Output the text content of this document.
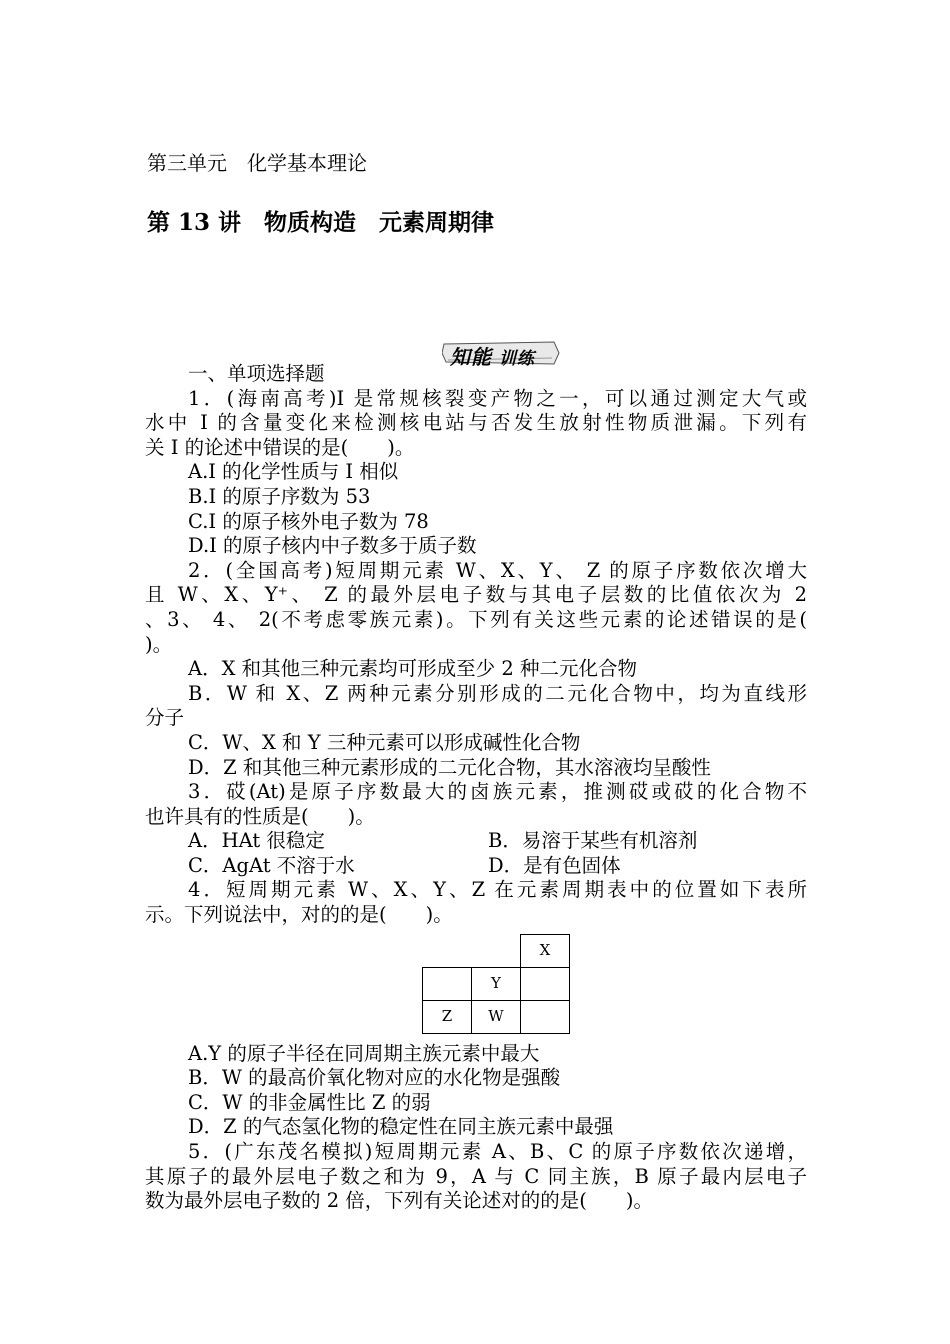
第三单元　化学基本理论
第 13 讲　物质构造　元素周期律
知能 训练
一、单项选择题
1．(海南高考)I 是常规核裂变产物之一，可以通过测定大气或
水中 I 的含量变化来检测核电站与否发生放射性物质泄漏。下列有
关 I 的论述中错误的是(　　)。
A.I 的化学性质与 I 相似
B.I 的原子序数为 53
C.I 的原子核外电子数为 78
D.I 的原子核内中子数多于质子数
2．(全国高考)短周期元素 W、X、Y、 Z 的原子序数依次增大
且 W、X、Y⁺、 Z 的最外层电子数与其电子层数的比值依次为 2
、3、 4、 2(不考虑零族元素)。下列有关这些元素的论述错误的是(
)。
A．X 和其他三种元素均可形成至少 2 种二元化合物
B．W 和 X、Z 两种元素分别形成的二元化合物中，均为直线形
分子
C．W、X 和 Y 三种元素可以形成碱性化合物
D．Z 和其他三种元素形成的二元化合物，其水溶液均呈酸性
3．砹(At)是原子序数最大的卤族元素，推测砹或砹的化合物不
也许具有的性质是(　　)。
A．HAt 很稳定	B．易溶于某些有机溶剂
C．AgAt 不溶于水	D．是有色固体
4．短周期元素 W、X、Y、Z 在元素周期表中的位置如下表所
示。下列说法中，对的的是(　　)。
		X
	Y	
Z	W	
A.Y 的原子半径在同周期主族元素中最大
B．W 的最高价氧化物对应的水化物是强酸
C．W 的非金属性比 Z 的弱
D．Z 的气态氢化物的稳定性在同主族元素中最强
5．(广东茂名模拟)短周期元素 A、B、C 的原子序数依次递增，
其原子的最外层电子数之和为 9，A 与 C 同主族，B 原子最内层电子
数为最外层电子数的 2 倍，下列有关论述对的的是(　　)。
